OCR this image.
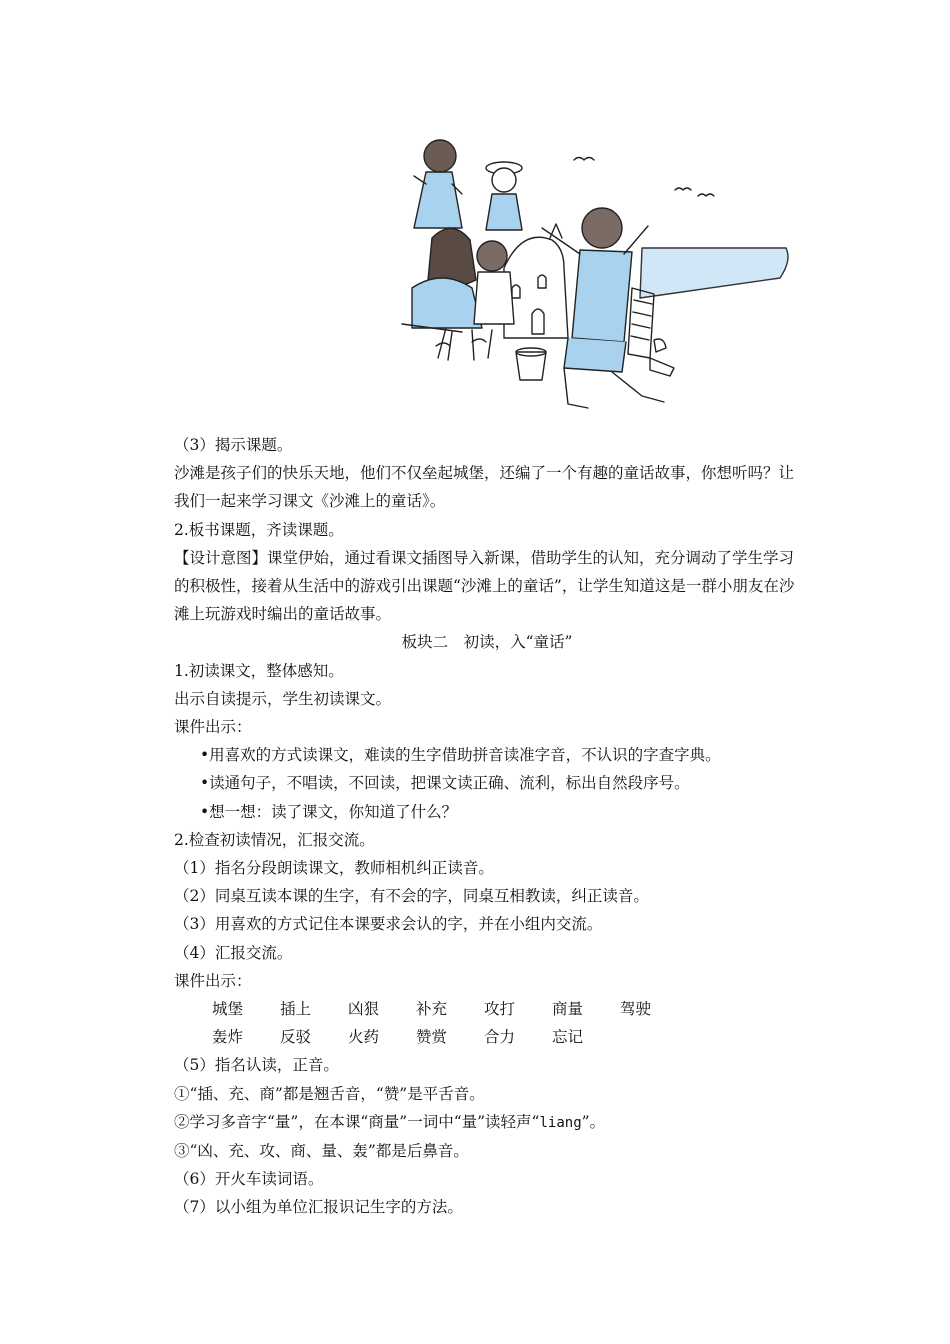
（3）揭示课题。

沙滩是孩子们的快乐天地，他们不仅垒起城堡，还编了一个有趣的童话故事，你想听吗？让我们一起来学习课文《沙滩上的童话》。

2.板书课题，齐读课题。

【设计意图】课堂伊始，通过看课文插图导入新课，借助学生的认知，充分调动了学生学习的积极性，接着从生活中的游戏引出课题“沙滩上的童话”，让学生知道这是一群小朋友在沙滩上玩游戏时编出的童话故事。

板块二　初读，入“童话”

1.初读课文，整体感知。

出示自读提示，学生初读课文。

课件出示：

•用喜欢的方式读课文，难读的生字借助拼音读准字音，不认识的字查字典。

•读通句子，不唱读，不回读，把课文读正确、流利，标出自然段序号。

•想一想：读了课文，你知道了什么？

2.检查初读情况，汇报交流。

（1）指名分段朗读课文，教师相机纠正读音。

（2）同桌互读本课的生字，有不会的字，同桌互相教读，纠正读音。

（3）用喜欢的方式记住本课要求会认的字，并在小组内交流。

（4）汇报交流。

课件出示：

城堡	插上	凶狠	补充	攻打	商量	驾驶
轰炸	反驳	火药	赞赏	合力	忘记

（5）指名认读，正音。

①“插、充、商”都是翘舌音，“赞”是平舌音。

②学习多音字“量”，在本课“商量”一词中“量”读轻声“liang”。

③“凶、充、攻、商、量、轰”都是后鼻音。

（6）开火车读词语。

（7）以小组为单位汇报识记生字的方法。
